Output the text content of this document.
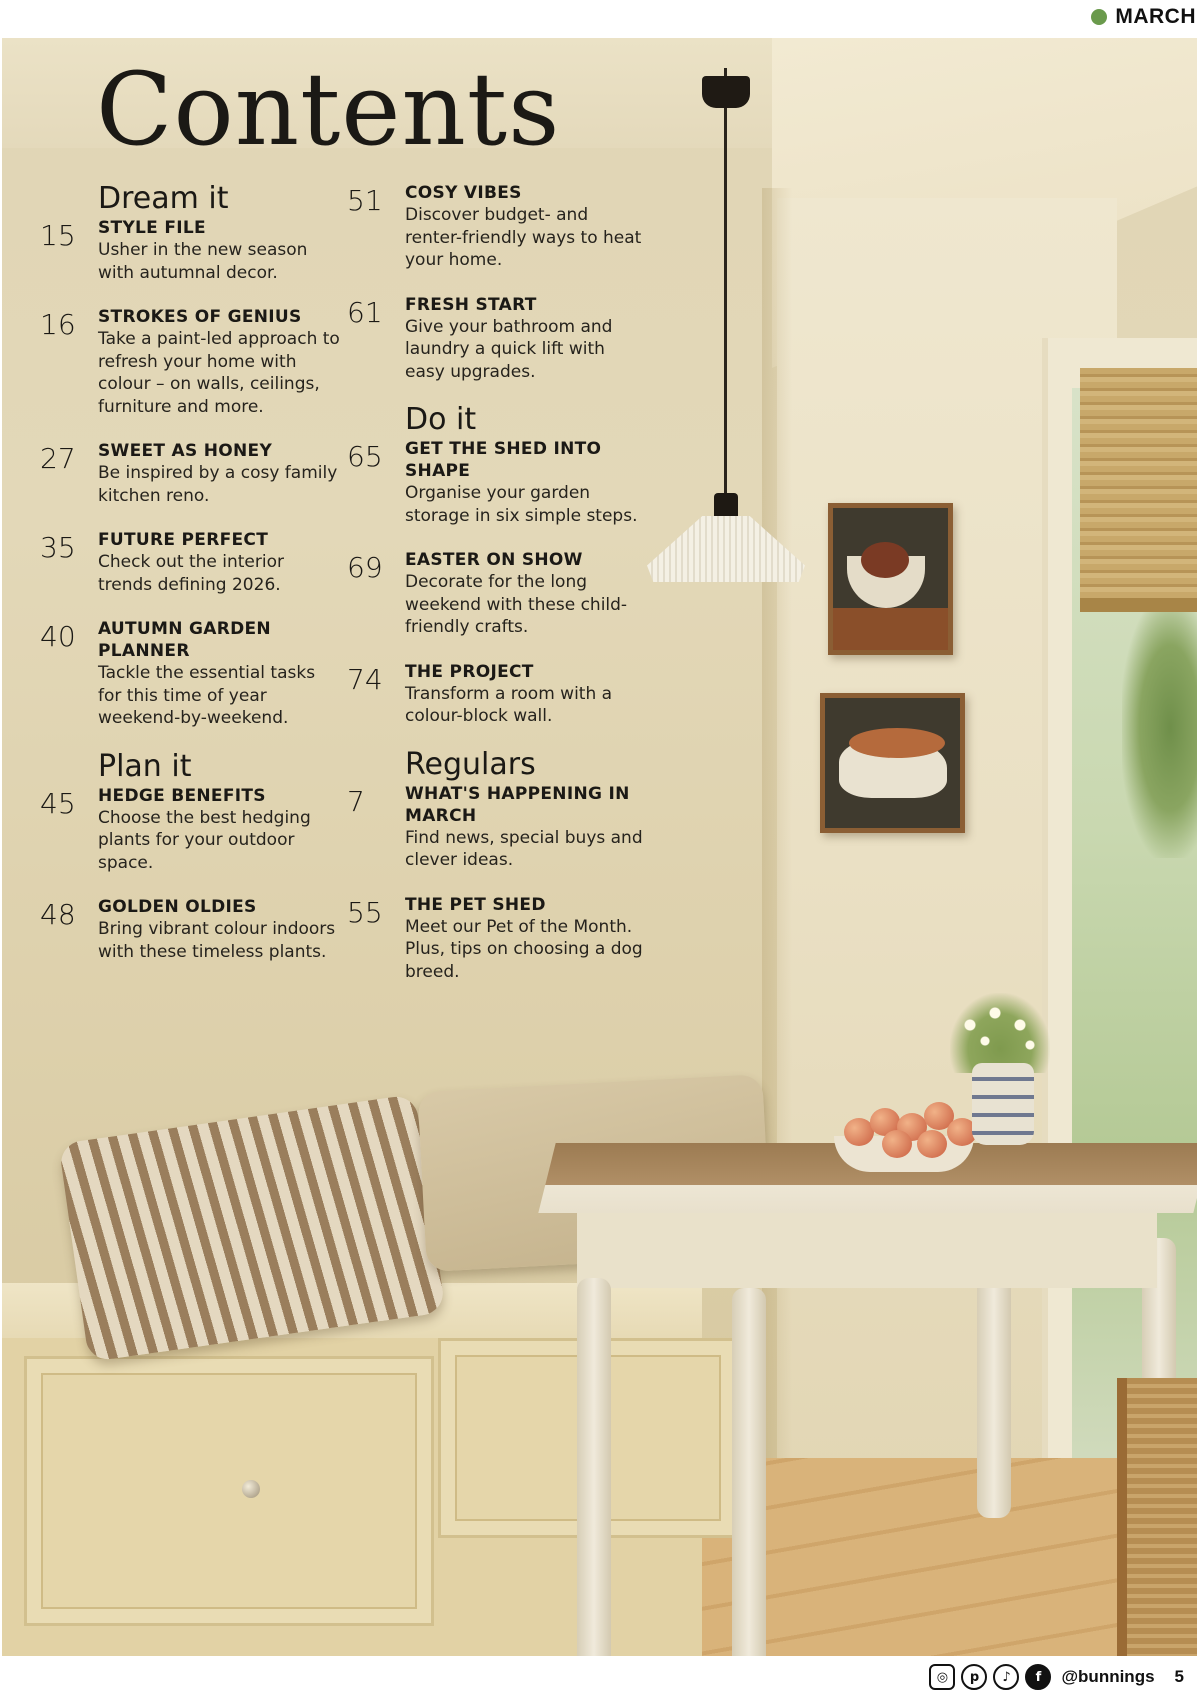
MARCH
Contents
Dream it
15	STYLE FILE
Usher in the new season with autumnal decor.
16	STROKES OF GENIUS
Take a paint-led approach to refresh your home with colour – on walls, ceilings, furniture and more.
27	SWEET AS HONEY
Be inspired by a cosy family kitchen reno.
35	FUTURE PERFECT
Check out the interior trends defining 2026.
40	AUTUMN GARDEN PLANNER
Tackle the essential tasks for this time of year weekend-by-weekend.
Plan it
45	HEDGE BENEFITS
Choose the best hedging plants for your outdoor space.
48	GOLDEN OLDIES
Bring vibrant colour indoors with these timeless plants.
51	COSY VIBES
Discover budget- and renter-friendly ways to heat your home.
61	FRESH START
Give your bathroom and laundry a quick lift with easy upgrades.
Do it
65	GET THE SHED INTO SHAPE
Organise your garden storage in six simple steps.
69	EASTER ON SHOW
Decorate for the long weekend with these child-friendly crafts.
74	THE PROJECT
Transform a room with a colour-block wall.
Regulars
7	WHAT'S HAPPENING IN MARCH
Find news, special buys and clever ideas.
55	THE PET SHED
Meet our Pet of the Month. Plus, tips on choosing a dog breed.
◎	p	♪	f	@bunnings 5
